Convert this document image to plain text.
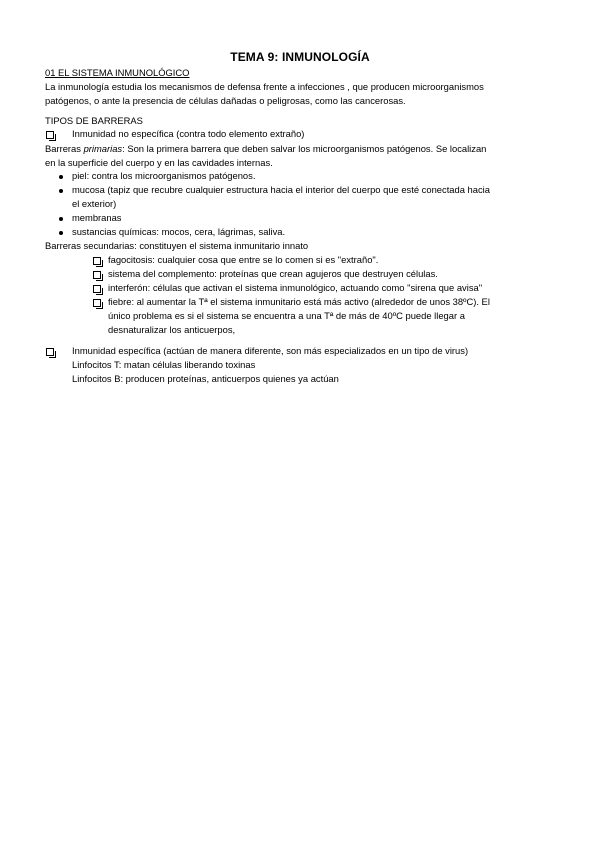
TEMA 9: INMUNOLOGÍA
01 EL SISTEMA INMUNOLÓGICO
La inmunología estudia los mecanismos de defensa frente a infecciones , que producen microorganismos
patógenos, o ante la presencia de células dañadas o peligrosas, como las cancerosas.
TIPOS DE BARRERAS
Inmunidad no específica (contra todo elemento extraño)
Barreras primarias: Son la primera barrera que deben salvar los microorganismos patógenos. Se localizan
en la superficie del cuerpo y en las cavidades internas.
piel: contra los microorganismos patógenos.
mucosa (tapiz que recubre cualquier estructura hacia el interior del cuerpo que esté conectada hacia
el exterior)
membranas
sustancias químicas: mocos, cera, lágrimas, saliva.
Barreras secundarias: constituyen el sistema inmunitario innato
fagocitosis: cualquier cosa que entre se lo comen si es "extraño".
sistema del complemento: proteínas que crean agujeros que destruyen células.
interferón: células que activan el sistema inmunológico, actuando como "sirena que avisa"
fiebre: al aumentar la Tª el sistema inmunitario está más activo (alrededor de unos 38ºC). El
único problema es si el sistema se encuentra a una Tª de más de 40ºC puede llegar a
desnaturalizar los anticuerpos,
Inmunidad específica (actúan de manera diferente, son más especializados en un tipo de virus)
Linfocitos T: matan células liberando toxinas
Linfocitos B: producen proteínas, anticuerpos quienes ya actúan
